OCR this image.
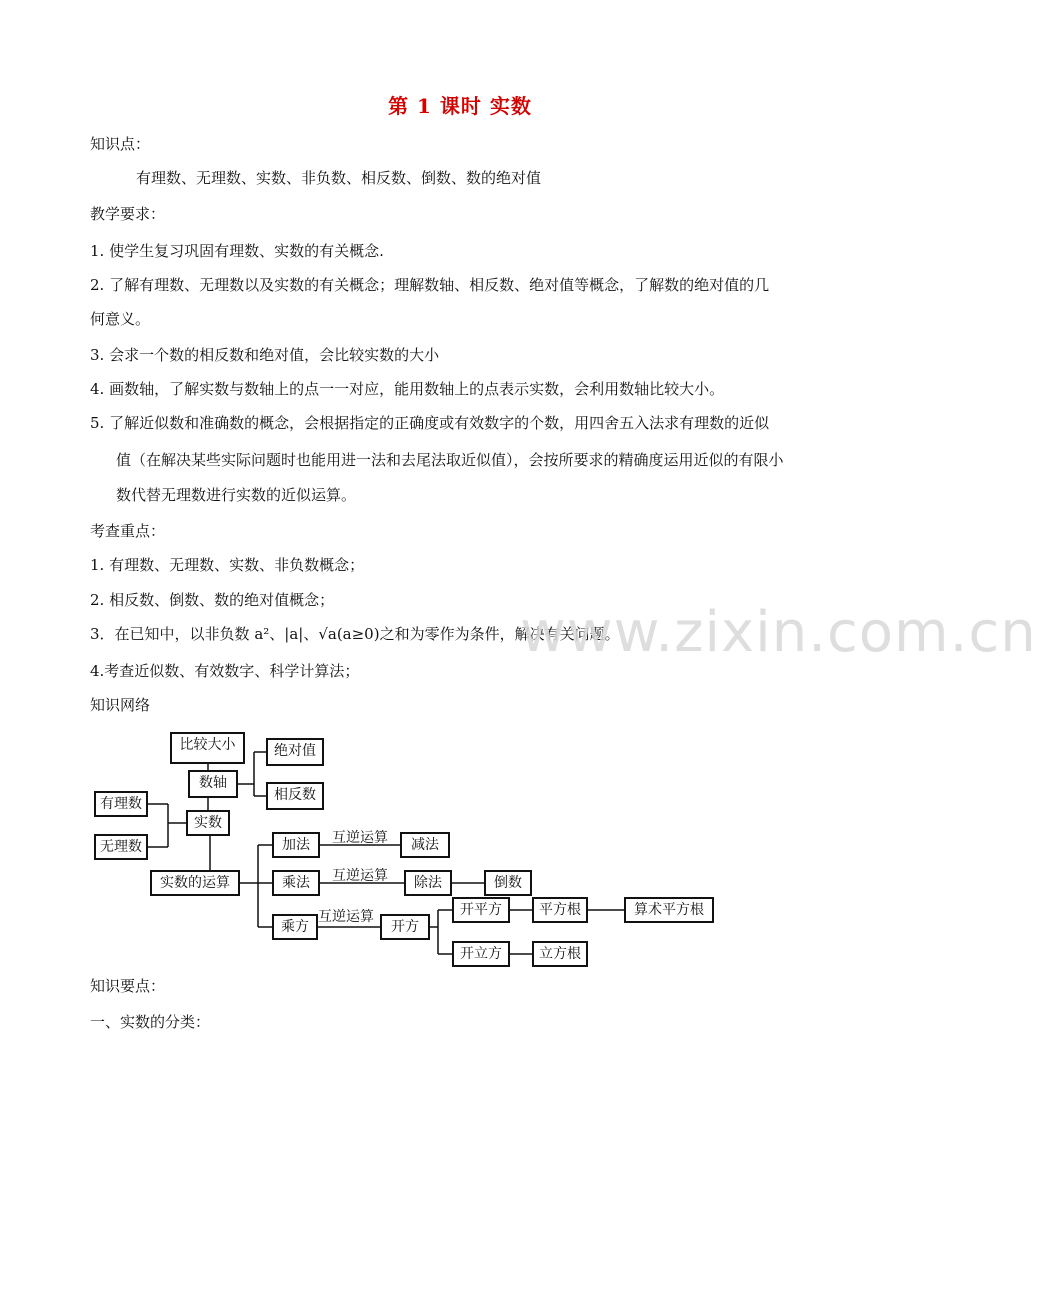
第 1 课时 实数
知识点：
有理数、无理数、实数、非负数、相反数、倒数、数的绝对值
教学要求：
1. 使学生复习巩固有理数、实数的有关概念.
2. 了解有理数、无理数以及实数的有关概念；理解数轴、相反数、绝对值等概念，了解数的绝对值的几
何意义。
3. 会求一个数的相反数和绝对值，会比较实数的大小
4. 画数轴，了解实数与数轴上的点一一对应，能用数轴上的点表示实数，会利用数轴比较大小。
5. 了解近似数和准确数的概念，会根据指定的正确度或有效数字的个数，用四舍五入法求有理数的近似
值（在解决某些实际问题时也能用进一法和去尾法取近似值），会按所要求的精确度运用近似的有限小
数代替无理数进行实数的近似运算。
考查重点：
1. 有理数、无理数、实数、非负数概念；
2. 相反数、倒数、数的绝对值概念；
3．在已知中，以非负数 a²、|a|、√a(a≥0)之和为零作为条件，解决有关问题。
4.考查近似数、有效数字、科学计算法；
www.zixin.com.cn
知识网络
比较大小
数轴
绝对值
相反数
有理数
实数
无理数
实数的运算
加法	互逆运算	减法
乘法	互逆运算	除法	倒数
乘方
互逆运算
开方
开平方	平方根	算术平方根
开立方	立方根
知识要点：
一、实数的分类：
